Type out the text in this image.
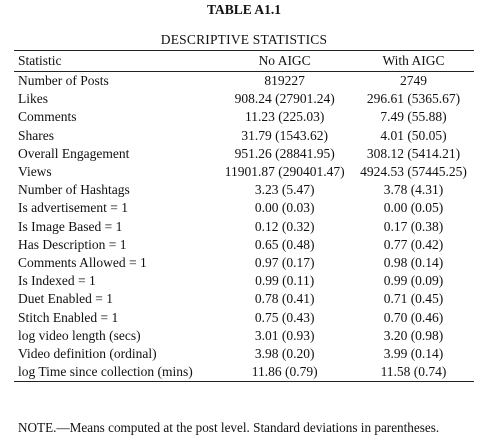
TABLE A1.1
DESCRIPTIVE STATISTICS
Statistic	No AIGC	With AIGC
Number of Posts	819227	2749
Likes	908.24 (27901.24)	296.61 (5365.67)
Comments	11.23 (225.03)	7.49 (55.88)
Shares	31.79 (1543.62)	4.01 (50.05)
Overall Engagement	951.26 (28841.95)	308.12 (5414.21)
Views	11901.87 (290401.47)	4924.53 (57445.25)
Number of Hashtags	3.23 (5.47)	3.78 (4.31)
Is advertisement = 1	0.00 (0.03)	0.00 (0.05)
Is Image Based = 1	0.12 (0.32)	0.17 (0.38)
Has Description = 1	0.65 (0.48)	0.77 (0.42)
Comments Allowed = 1	0.97 (0.17)	0.98 (0.14)
Is Indexed = 1	0.99 (0.11)	0.99 (0.09)
Duet Enabled = 1	0.78 (0.41)	0.71 (0.45)
Stitch Enabled = 1	0.75 (0.43)	0.70 (0.46)
log video length (secs)	3.01 (0.93)	3.20 (0.98)
Video definition (ordinal)	3.98 (0.20)	3.99 (0.14)
log Time since collection (mins)	11.86 (0.79)	11.58 (0.74)
NOTE.—Means computed at the post level. Standard deviations in parentheses.
